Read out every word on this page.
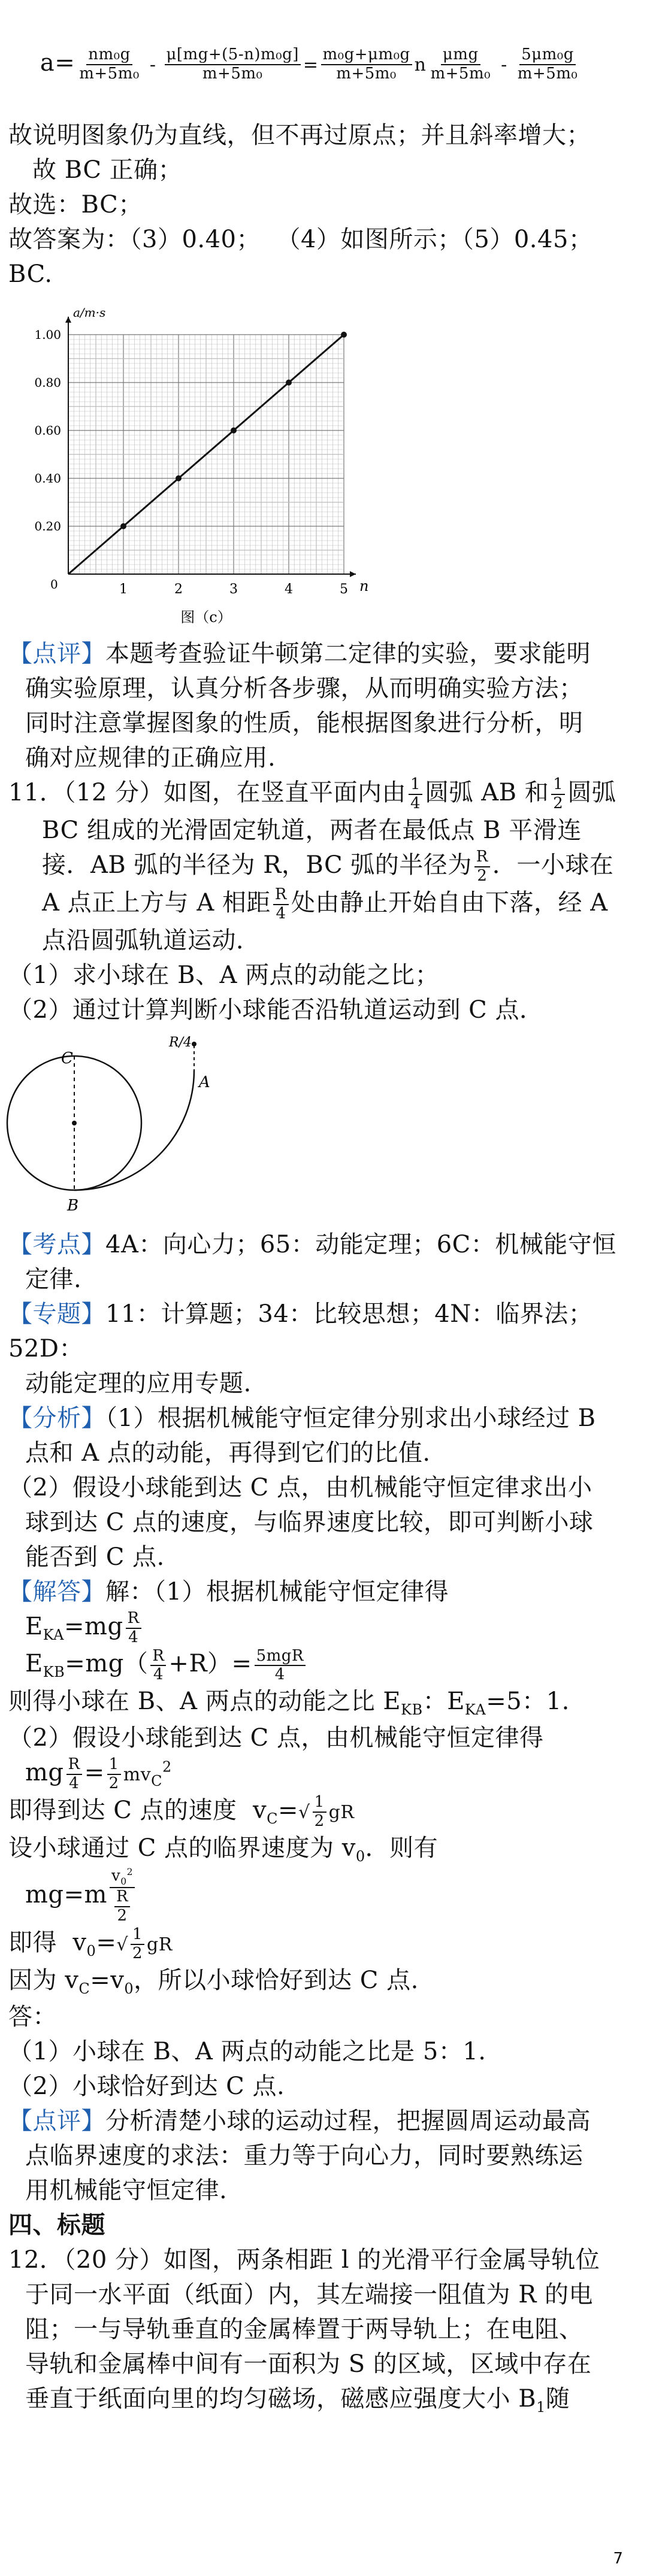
$a= \frac{\text{nm₀g}}{\text{m+5m₀}} - \frac{\text{μ[mg+(5-n)m₀g]}}{\text{m+5m₀}} = \frac{\text{m₀g+μm₀g}}{\text{m+5m₀}}$ n $\frac{\text{μmg}}{\text{m+5m₀}} - \frac{\text{5μm₀g}}{\text{m+5m₀}}$

故说明图象仍为直线，但不再过原点；并且斜率增大；
故 BC 正确；
故选：BC；
故答案为：（3）0.40；  （4）如图所示；（5）0.45；
BC.
a/m·s
n
0	1	2	3	4	5
0.20
0.40
0.60
0.80
1.00
图（c）
【点评】本题考查验证牛顿第二定律的实验，要求能明
确实验原理，认真分析各步骤，从而明确实验方法；
同时注意掌握图象的性质，能根据图象进行分析，明
确对应规律的正确应用.
11．（12 分）如图，在竖直平面内由 $\frac{1}{4}$ 圆弧 AB 和 $\frac{1}{2}$ 圆弧
BC 组成的光滑固定轨道，两者在最低点 B 平滑连
接．AB 弧的半径为 R，BC 弧的半径为 $\frac{R}{2}$ ．一小球在
A 点正上方与 A 相距 $\frac{R}{4}$ 处由静止开始自由下落，经 A
点沿圆弧轨道运动．
（1）求小球在 B、A 两点的动能之比；
（2）通过计算判断小球能否沿轨道运动到 C 点．
C
R/4
A
B
【考点】4A：向心力；65：动能定理；6C：机械能守恒
定律.
【专题】11：计算题；34：比较思想；4N：临界法；52D：
动能定理的应用专题.
【分析】（1）根据机械能守恒定律分别求出小球经过 B
点和 A 点的动能，再得到它们的比值.
（2）假设小球能到达 C 点，由机械能守恒定律求出小
球到达 C 点的速度，与临界速度比较，即可判断小球
能否到 C 点.
【解答】解：（1）根据机械能守恒定律得
$E_{KA}=mg \frac{R}{4}$
$E_{KB}=mg( \frac{R}{4} +R)= \frac{\text{5mgR}}{4}$
则得小球在 B、A 两点的动能之比 $E_{KB}$：$E_{KA}=5$：1.
（2）假设小球能到达 C 点，由机械能守恒定律得
mg $\frac{R}{4} = \frac{1}{2} mv_C^2$
即得到达 C 点的速度  $v_C=√ \frac{1}{2}$ gR
设小球通过 C 点的临界速度为 $v_0$．则有
$mg=m \frac{v_0^2}{\frac{R}{2}}$
即得  $v_0=√ \frac{1}{2}$ gR
因为 $v_C=v_0$，所以小球恰好到达 C 点.
答：
（1）小球在 B、A 两点的动能之比是 5：1.
（2）小球恰好到达 C 点.
【点评】分析清楚小球的运动过程，把握圆周运动最高
点临界速度的求法：重力等于向心力，同时要熟练运
用机械能守恒定律.
四、标题
12．（20 分）如图，两条相距 l 的光滑平行金属导轨位
于同一水平面（纸面）内，其左端接一阻值为 R 的电
阻；一与导轨垂直的金属棒置于两导轨上；在电阻、
导轨和金属棒中间有一面积为 S 的区域，区域中存在
垂直于纸面向里的均匀磁场，磁感应强度大小 $B_1$随
7
